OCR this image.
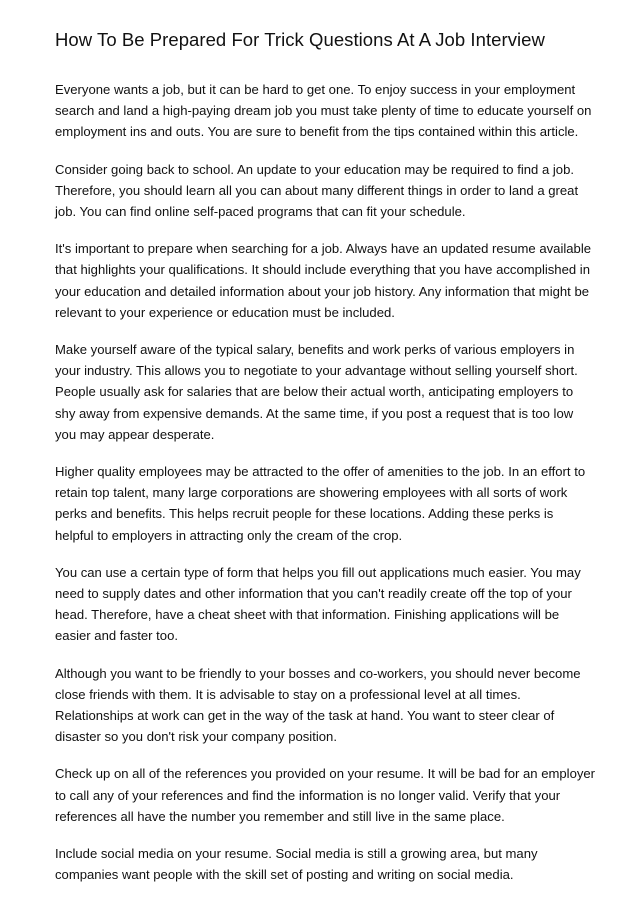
How To Be Prepared For Trick Questions At A Job Interview

Everyone wants a job, but it can be hard to get one. To enjoy success in your employment
search and land a high-paying dream job you must take plenty of time to educate yourself on
employment ins and outs. You are sure to benefit from the tips contained within this article.

Consider going back to school. An update to your education may be required to find a job.
Therefore, you should learn all you can about many different things in order to land a great
job. You can find online self-paced programs that can fit your schedule.

It's important to prepare when searching for a job. Always have an updated resume available
that highlights your qualifications. It should include everything that you have accomplished in
your education and detailed information about your job history. Any information that might be
relevant to your experience or education must be included.

Make yourself aware of the typical salary, benefits and work perks of various employers in
your industry. This allows you to negotiate to your advantage without selling yourself short.
People usually ask for salaries that are below their actual worth, anticipating employers to
shy away from expensive demands. At the same time, if you post a request that is too low
you may appear desperate.

Higher quality employees may be attracted to the offer of amenities to the job. In an effort to
retain top talent, many large corporations are showering employees with all sorts of work
perks and benefits. This helps recruit people for these locations. Adding these perks is
helpful to employers in attracting only the cream of the crop.

You can use a certain type of form that helps you fill out applications much easier. You may
need to supply dates and other information that you can't readily create off the top of your
head. Therefore, have a cheat sheet with that information. Finishing applications will be
easier and faster too.

Although you want to be friendly to your bosses and co-workers, you should never become
close friends with them. It is advisable to stay on a professional level at all times.
Relationships at work can get in the way of the task at hand. You want to steer clear of
disaster so you don't risk your company position.

Check up on all of the references you provided on your resume. It will be bad for an employer
to call any of your references and find the information is no longer valid. Verify that your
references all have the number you remember and still live in the same place.

Include social media on your resume. Social media is still a growing area, but many
companies want people with the skill set of posting and writing on social media.
